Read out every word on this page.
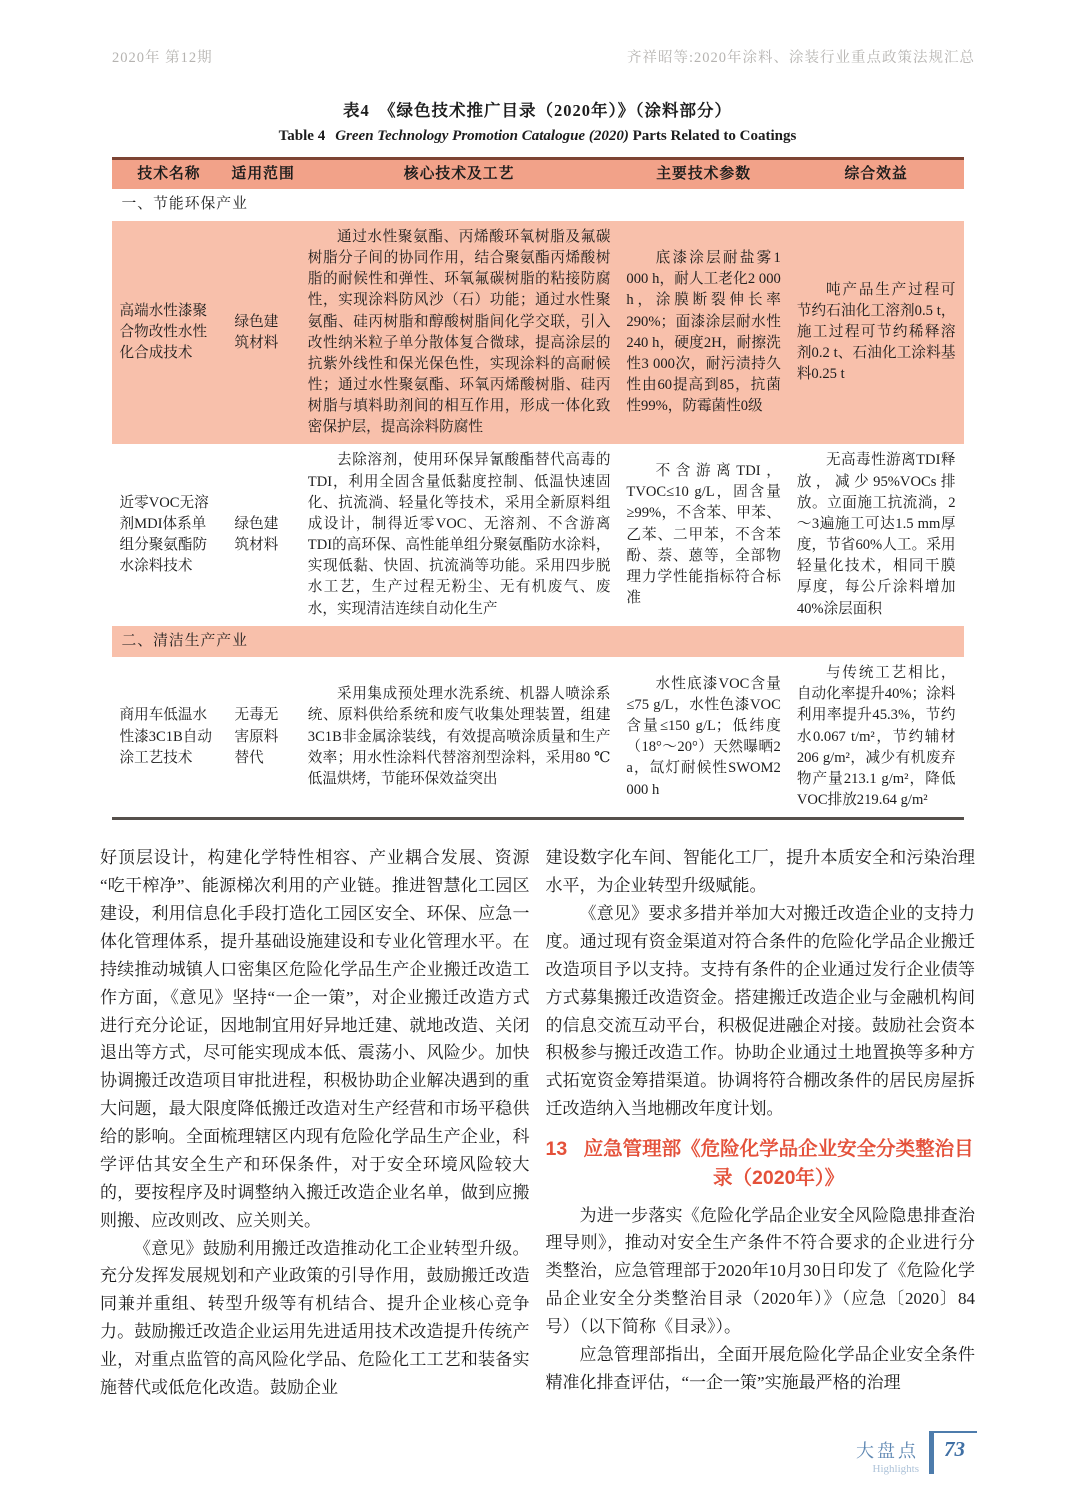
2020年 第12期	齐祥昭等:2020年涂料、涂装行业重点政策法规汇总
表4　《绿色技术推广目录（2020年）》（涂料部分）
Table 4 Green Technology Promotion Catalogue (2020) Parts Related to Coatings
技术名称	适用范围	核心技术及工艺	主要技术参数	综合效益
一、节能环保产业				
高端水性漆聚合物改性水性化合成技术	绿色建筑材料	通过水性聚氨酯、丙烯酸环氧树脂及氟碳树脂分子间的协同作用，结合聚氨酯丙烯酸树脂的耐候性和弹性、环氧氟碳树脂的粘接防腐性，实现涂料防风沙（石）功能；通过水性聚氨酯、硅丙树脂和醇酸树脂间化学交联，引入改性纳米粒子单分散体复合微球，提高涂层的抗紫外线性和保光保色性，实现涂料的高耐候性；通过水性聚氨酯、环氧丙烯酸树脂、硅丙树脂与填料助剂间的相互作用，形成一体化致密保护层，提高涂料防腐性	底漆涂层耐盐雾1 000 h，耐人工老化2 000 h，涂膜断裂伸长率290%；面漆涂层耐水性240 h，硬度2H，耐擦洗性3 000次，耐污渍持久性由60提高到85，抗菌性99%，防霉菌性0级	吨产品生产过程可节约石油化工溶剂0.5 t，施工过程可节约稀释溶剂0.2 t、石油化工涂料基料0.25 t

近零VOC无溶剂MDI体系单组分聚氨酯防水涂料技术	绿色建筑材料	去除溶剂，使用环保异氰酸酯替代高毒的TDI，利用全固含量低黏度控制、低温快速固化、抗流淌、轻量化等技术，采用全新原料组成设计，制得近零VOC、无溶剂、不含游离TDI的高环保、高性能单组分聚氨酯防水涂料，实现低黏、快固、抗流淌等功能。采用四步脱水工艺，生产过程无粉尘、无有机废气、废水，实现清洁连续自动化生产	不含游离TDI，TVOC≤10 g/L，固含量≥99%，不含苯、甲苯、乙苯、二甲苯，不含苯酚、萘、蒽等，全部物理力学性能指标符合标准	无高毒性游离TDI释放，减少95%VOCs排放。立面施工抗流淌，2～3遍施工可达1.5 mm厚度，节省60%人工。采用轻量化技术，相同干膜厚度，每公斤涂料增加40%涂层面积

二、清洁生产产业				
商用车低温水性漆3C1B自动涂工艺技术	无毒无害原料替代	采用集成预处理水洗系统、机器人喷涂系统、原料供给系统和废气收集处理装置，组建3C1B非金属涂装线，有效提高喷涂质量和生产效率；用水性涂料代替溶剂型涂料，采用80 ℃低温烘烤，节能环保效益突出	水性底漆VOC含量≤75 g/L，水性色漆VOC含量≤150 g/L；低纬度（18°～20°）天然曝晒2 a，氙灯耐候性SWOM2 000 h	与传统工艺相比，自动化率提升40%；涂料利用率提升45.3%，节约水0.067 t/m²，节约辅材206 g/m²，减少有机废弃物产量213.1 g/m²，降低VOC排放219.64 g/m²

好顶层设计，构建化学特性相容、产业耦合发展、资源“吃干榨净”、能源梯次利用的产业链。推进智慧化工园区建设，利用信息化手段打造化工园区安全、环保、应急一体化管理体系，提升基础设施建设和专业化管理水平。在持续推动城镇人口密集区危险化学品生产企业搬迁改造工作方面，《意见》坚持“一企一策”，对企业搬迁改造方式进行充分论证，因地制宜用好异地迁建、就地改造、关闭退出等方式，尽可能实现成本低、震荡小、风险少。加快协调搬迁改造项目审批进程，积极协助企业解决遇到的重大问题，最大限度降低搬迁改造对生产经营和市场平稳供给的影响。全面梳理辖区内现有危险化学品生产企业，科学评估其安全生产和环保条件，对于安全环境风险较大的，要按程序及时调整纳入搬迁改造企业名单，做到应搬则搬、应改则改、应关则关。

《意见》鼓励利用搬迁改造推动化工企业转型升级。充分发挥发展规划和产业政策的引导作用，鼓励搬迁改造同兼并重组、转型升级等有机结合、提升企业核心竞争力。鼓励搬迁改造企业运用先进适用技术改造提升传统产业，对重点监管的高风险化学品、危险化工工艺和装备实施替代或低危化改造。鼓励企业

建设数字化车间、智能化工厂，提升本质安全和污染治理水平，为企业转型升级赋能。

《意见》要求多措并举加大对搬迁改造企业的支持力度。通过现有资金渠道对符合条件的危险化学品企业搬迁改造项目予以支持。支持有条件的企业通过发行企业债等方式募集搬迁改造资金。搭建搬迁改造企业与金融机构间的信息交流互动平台，积极促进融企对接。鼓励社会资本积极参与搬迁改造工作。协助企业通过土地置换等多种方式拓宽资金筹措渠道。协调将符合棚改条件的居民房屋拆迁改造纳入当地棚改年度计划。

13 应急管理部《危险化学品企业安全分类整治目录（2020年）》

为进一步落实《危险化学品企业安全风险隐患排查治理导则》，推动对安全生产条件不符合要求的企业进行分类整治，应急管理部于2020年10月30日印发了《危险化学品企业安全分类整治目录（2020年）》（应急〔2020〕84号）（以下简称《目录》）。

应急管理部指出，全面开展危险化学品企业安全条件精准化排查评估，“一企一策”实施最严格的治理

大盘点
Highlights
73
